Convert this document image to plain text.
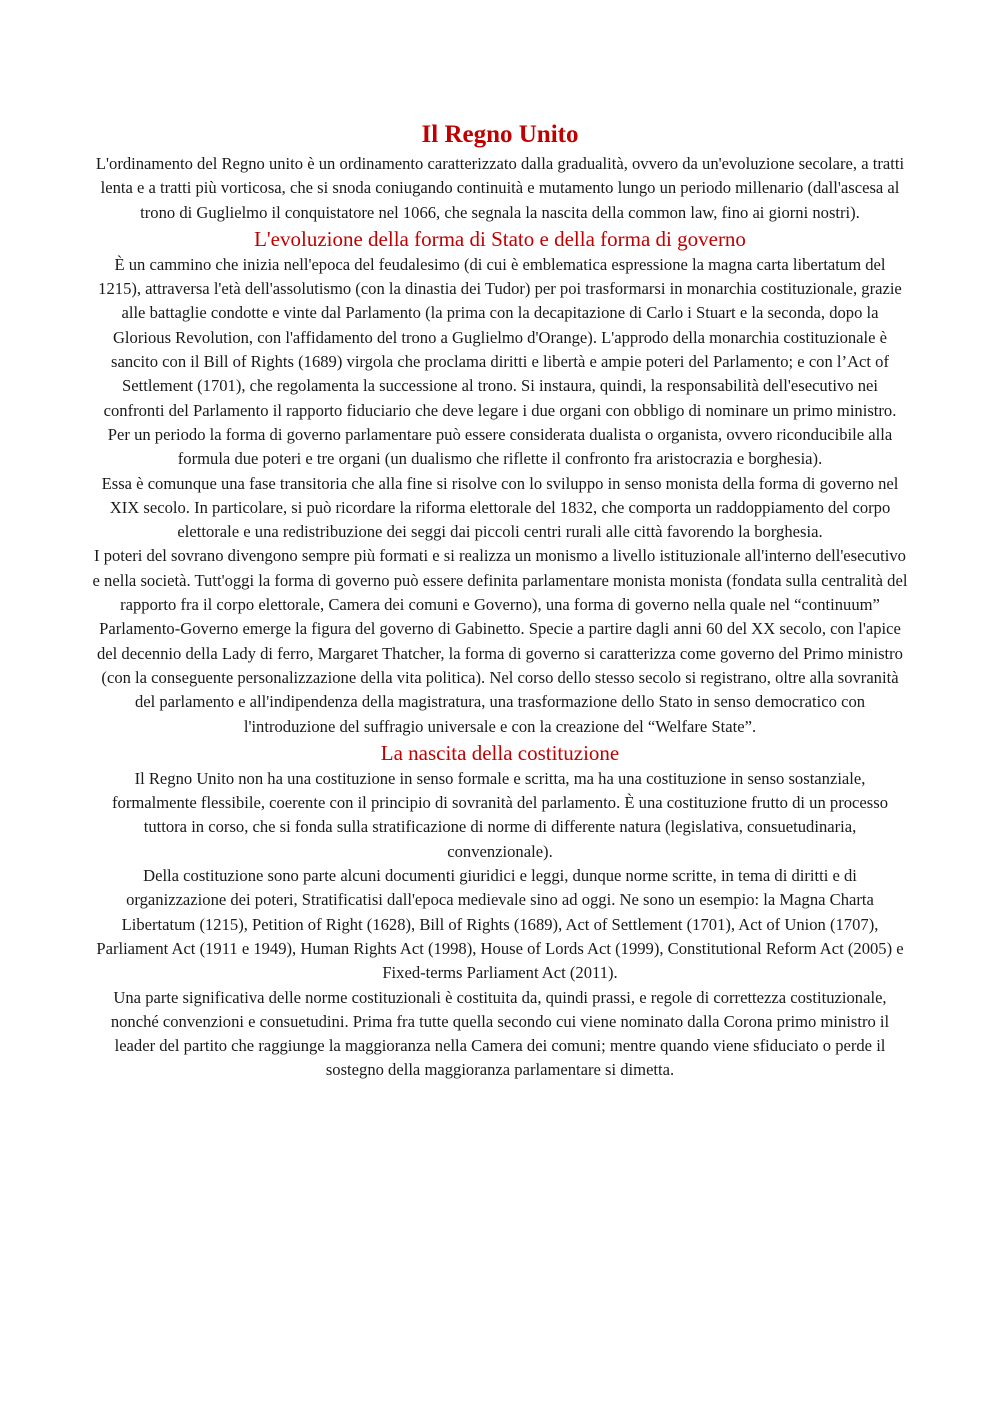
Il Regno Unito

L'ordinamento del Regno unito è un ordinamento caratterizzato dalla gradualità, ovvero da un'evoluzione secolare, a tratti lenta e a tratti più vorticosa, che si snoda coniugando continuità e mutamento lungo un periodo millenario (dall'ascesa al trono di Guglielmo il conquistatore nel 1066, che segnala la nascita della common law, fino ai giorni nostri).

L'evoluzione della forma di Stato e della forma di governo

È un cammino che inizia nell'epoca del feudalesimo (di cui è emblematica espressione la magna carta libertatum del 1215), attraversa l'età dell'assolutismo (con la dinastia dei Tudor) per poi trasformarsi in monarchia costituzionale, grazie alle battaglie condotte e vinte dal Parlamento (la prima con la decapitazione di Carlo i Stuart e la seconda, dopo la Glorious Revolution, con l'affidamento del trono a Guglielmo d'Orange). L'approdo della monarchia costituzionale è sancito con il Bill of Rights (1689) virgola che proclama diritti e libertà e ampie poteri del Parlamento; e con l’Act of Settlement (1701), che regolamenta la successione al trono. Si instaura, quindi, la responsabilità dell'esecutivo nei confronti del Parlamento il rapporto fiduciario che deve legare i due organi con obbligo di nominare un primo ministro.

Per un periodo la forma di governo parlamentare può essere considerata dualista o organista, ovvero riconducibile alla formula due poteri e tre organi (un dualismo che riflette il confronto fra aristocrazia e borghesia).

Essa è comunque una fase transitoria che alla fine si risolve con lo sviluppo in senso monista della forma di governo nel XIX secolo. In particolare, si può ricordare la riforma elettorale del 1832, che comporta un raddoppiamento del corpo elettorale e una redistribuzione dei seggi dai piccoli centri rurali alle città favorendo la borghesia.

I poteri del sovrano divengono sempre più formati e si realizza un monismo a livello istituzionale all'interno dell'esecutivo e nella società. Tutt'oggi la forma di governo può essere definita parlamentare monista monista (fondata sulla centralità del rapporto fra il corpo elettorale, Camera dei comuni e Governo), una forma di governo nella quale nel “continuum” Parlamento-Governo emerge la figura del governo di Gabinetto. Specie a partire dagli anni 60 del XX secolo, con l'apice del decennio della Lady di ferro, Margaret Thatcher, la forma di governo si caratterizza come governo del Primo ministro (con la conseguente personalizzazione della vita politica). Nel corso dello stesso secolo si registrano, oltre alla sovranità del parlamento e all'indipendenza della magistratura, una trasformazione dello Stato in senso democratico con l'introduzione del suffragio universale e con la creazione del “Welfare State”.

La nascita della costituzione

Il Regno Unito non ha una costituzione in senso formale e scritta, ma ha una costituzione in senso sostanziale, formalmente flessibile, coerente con il principio di sovranità del parlamento. È una costituzione frutto di un processo tuttora in corso, che si fonda sulla stratificazione di norme di differente natura (legislativa, consuetudinaria, convenzionale).

Della costituzione sono parte alcuni documenti giuridici e leggi, dunque norme scritte, in tema di diritti e di organizzazione dei poteri, Stratificatisi dall'epoca medievale sino ad oggi. Ne sono un esempio: la Magna Charta Libertatum (1215), Petition of Right (1628), Bill of Rights (1689), Act of Settlement (1701), Act of Union (1707), Parliament Act (1911 e 1949), Human Rights Act (1998), House of Lords Act (1999), Constitutional Reform Act (2005) e Fixed-terms Parliament Act (2011).

Una parte significativa delle norme costituzionali è costituita da, quindi prassi, e regole di correttezza costituzionale, nonché convenzioni e consuetudini. Prima fra tutte quella secondo cui viene nominato dalla Corona primo ministro il leader del partito che raggiunge la maggioranza nella Camera dei comuni; mentre quando viene sfiduciato o perde il sostegno della maggioranza parlamentare si dimetta.
